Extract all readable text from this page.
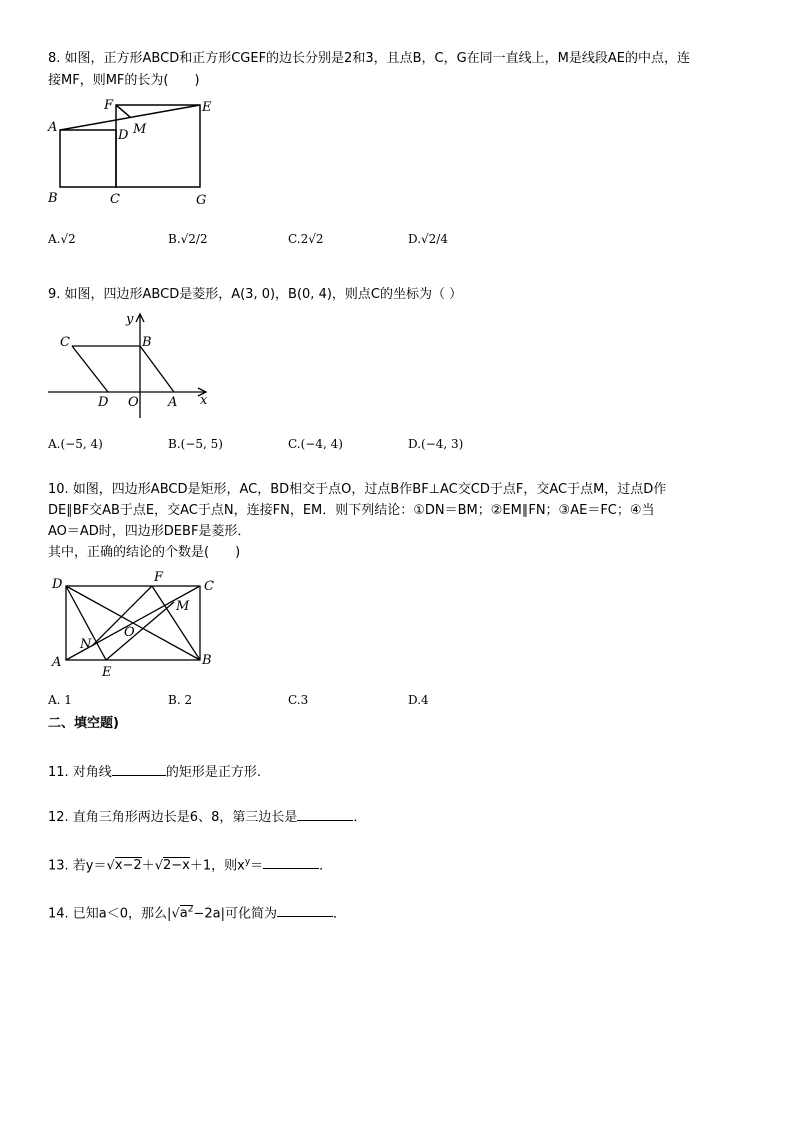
8. 如图，正方形ABCD和正方形CGEF的边长分别是2和3，且点B，C，G在同一直线上，M是线段AE的中点，连
接MF，则MF的长为(　　)
F	E
A
D M
B	C	G
A.√2	B.√2/2	C.2√2	D.√2/4
9. 如图，四边形ABCD是菱形，A(3, 0)，B(0, 4)，则点C的坐标为（ ）
y
x
C	B
D O A
A.(−5, 4)	B.(−5, 5)	C.(−4, 4)	D.(−4, 3)
10. 如图，四边形ABCD是矩形，AC，BD相交于点O，过点B作BF⊥AC交CD于点F，交AC于点M，过点D作
DE∥BF交AB于点E，交AC于点N，连接FN，EM．则下列结论：①DN＝BM；②EM∥FN；③AE＝FC；④当
AO＝AD时，四边形DEBF是菱形．
其中，正确的结论的个数是(　　)
D	F
C
M
O
N
A
E
B
A. 1	B. 2	C.3	D.4
二、填空题)
11. 对角线	的矩形是正方形.
12. 直角三角形两边长是6、8，第三边长是	．
13. 若y＝√x−2＋√2−x＋1，则$x^y=$	．
14. 已知a＜0，那么$|√a^2-2a|$可化简为	．
